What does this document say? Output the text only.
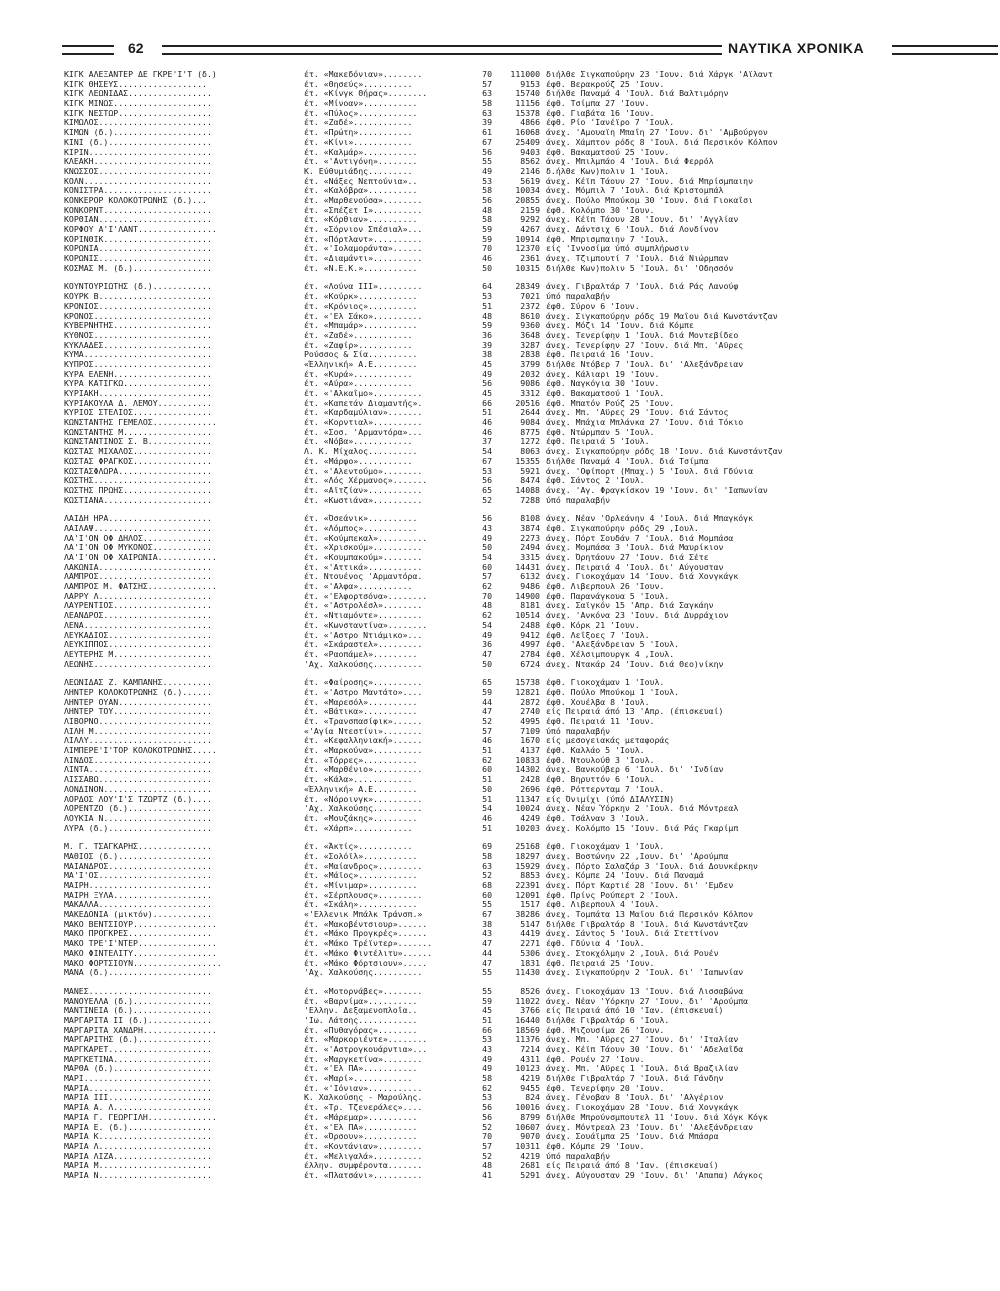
62	ΝΑΥΤΙΚΑ ΧΡΟΝΙΚΑ
ΚΙΓΚ ΑΛΕΞΑΝΤΕΡ ΔΕ ΓΚΡΕ'Ι'Τ (δ.)	έτ. «Μακεδόνιαν»........	70	111000 διήλθε Σιγκαπούρην 23 'Ιουν. διά Χάργκ 'Αϊλαντ
ΚΙΓΚ ΘΗΣΕΥΣ..................	έτ. «Θησεύς»..........	57	9153 έφθ. Βερακρούζ 25 'Ιουν.
ΚΙΓΚ ΛΕΩΝΙΔΑΣ.................	έτ. «Κίνγκ Θήρας»........	63	15740 διήλθε Παναμά 4 'Ιουλ. διά Βαλτιμόρην
ΚΙΓΚ ΜΙΝΩΣ....................	έτ. «Μίνοαν»...........	58	11156 έφθ. Τσίμπα 27 'Ιουν.
ΚΙΓΚ ΝΕΣΤΩΡ...................	έτ. «Πύλος»............	63	15378 έφθ. Γιαβάτα 16 'Ιουν.
ΚΙΜΩΛΟΣ.......................	έτ. «Ζαδέ»............	39	4866 έφθ. Ρίο 'Ιανέϊρο 7 'Ιουλ.
ΚΙΜΩΝ (δ.)....................	έτ. «Πρώτη»...........	61	16068 άνεχ. 'Αμουαϊη Μπαΐη 27 'Ιουν. δι' 'Αμβούργον
ΚΙΝΙ (δ.).....................	έτ. «Κίνι»............	67	25409 άνεχ. Χάμπτον ρόδς 8 'Ιουλ. διά Περσικόν Κόλπον
ΚΙΡΙΝ.........................	έτ. «Καλμάρ»...........	56	9403 έφθ. Βακαματσού 25 'Ιουν.
ΚΛΕΑΚΗ........................	έτ. «'Αντιγόνη»........	55	8562 άνεχ. Μπιλμπάο 4 'Ιουλ. διά Φερρόλ
ΚΝΩΣΣΟΣ.......................	Κ. Εύθυμιάδης.........	49	2146 δ.ήλθε Κων)πολιν 1 'Ιουλ.
ΚΟΛΝ..........................	έτ. «Νάξες Νεπτούνια»..	53	5619 άνεχ. Κέϊπ Τάουν 27 'Ιουν. διά Μπρίσμπαιην
ΚΟΝΙΣΤΡΑ......................	έτ. «Καλόβρα»..........	58	10034 άνεχ. Μόμπιλ 7 'Ιουλ. διά Κριστομπάλ
ΚΟΝΚΕΡΟΡ ΚΟΛΟΚΟΤΡΩΝΗΣ (δ.)...	έτ. «Μαρθενούσα»........	56	20855 άνεχ. Πούλο Μπούκομ 30 'Ιουν. διά Γιοκαΐσι
ΚΟΝΚΟΡΝΤ......................	έτ. «Σπέζετ Ι»..........	48	2159 έφθ. Κολόμπο 30 'Ιουν.
ΚΟΡΘΙΑΝ.......................	έτ. «Κόρθιαν»..........	58	9292 άνεχ. Κέϊπ Τάουν 28 'Ιουν. δι' 'Αγγλίαν
ΚΟΡΦΟΥ Α'Ι'ΛΑΝΤ................	έτ. «Σόρνιον Σπέσιαλ»...	59	4267 άνεχ. Δάντσιχ 6 'Ιουλ. διά Λονδίνον
ΚΟΡΙΝΘΙΚ......................	έτ. «Πόρτλαντ»..........	59	10914 έφθ. Μπρισμπαιην 7 'Ιουλ.
ΚΟΡΩΝΙΑ.......................	έτ. «'Ιολαμοράντα»......	70	12370 είς 'Ιννοσίμα ύπό συμπλήρωσιν
ΚΟΡΩΝΙΣ.......................	έτ. «Διαμάντι»..........	46	2361 άνεχ. Τζιμπουτί 7 'Ιουλ. διά Νιώρμπαν
ΚΟΣΜΑΣ Μ. (δ.)................	έτ. «Ν.Ε.Κ.»...........	50	10315 διήλθε Κων)πολιν 5 'Ιουλ. δι' 'Οδησσόν
ΚΟΥΝΤΟΥΡΙΩΤΗΣ (δ.)............	έτ. «Λούνα ΙΙΙ».........	64	28349 άνεχ. Γιβραλτάρ 7 'Ιουλ. διά Ράς Λανούφ
ΚΟΥΡΚ Β.......................	έτ. «Κούρκ»............	53	7021 ύπό παραλαβήν
ΚΡΟΝΙΟΣ.......................	έτ. «Κρόνιος»..........	51	2372 έφθ. Σύρον 6 'Ιουν.
ΚΡΟΝΟΣ........................	έτ. «'Ελ Σάκο»..........	48	8610 άνεχ. Σιγκαπούρην ρόδς 19 Μαΐου διά Κωνστάντζαν
ΚΥΒΕΡΝΗΤΗΣ....................	έτ. «Μπαμάρ»...........	59	9360 άνεχ. Μόζι 14 'Ιουν. διά Κόμπε
ΚΥΘΝΟΣ........................	έτ. «Ζαδέ»............	36	3648 άνεχ. Τενερίφην 1 'Ιουλ. διά Μοντεβίδεο
ΚΥΚΛΑΔΕΣ......................	έτ. «Ζαφίρ»...........	39	3287 άνεχ. Τενερίφην 27 'Ιουν. διά Μπ. 'Αϋρες
ΚΥΜΑ..........................	Ρούσσος & Σία..........	38	2838 έφθ. Πειραιά 16 'Ιουν.
ΚΥΠΡΟΣ........................	«Έλληνική» Α.Ε.........	45	3799 διήλθε Ντόβερ 7 'Ιουλ. δι' 'Αλεξάνδρειαν
ΚΥΡΑ ΕΛΕΝΗ....................	έτ. «Κυρά»............	49	2032 άνεχ. Κάλιαρι 19 'Ιουν.
ΚΥΡΑ ΚΑΤΙΓΚΩ..................	έτ. «Αύρα»............	56	9086 έφθ. Ναγκόγια 30 'Ιουν.
ΚΥΡΙΑΚΗ.......................	έτ. «'Αλκαΐμο»..........	45	3312 έφθ. Βακαματσού 1 'Ιουλ.
ΚΥΡΙΑΚΟΥΛΑ Δ. ΛΕΜΟΥ...........	έτ. «Καπετάν Διαμαντής».	66	20516 έφθ. Μπατόν Ρούζ 25 'Ιουν.
ΚΥΡΙΟΣ ΣΤΕΛΙΟΣ................	έτ. «Καρδαμύλιαν».......	51	2644 άνεχ. Μπ. 'Αϋρες 29 'Ιουν. διά Σάντος
ΚΩΝΣΤΑΝΤΗΣ ΓΕΜΕΛΟΣ.............	έτ. «Κορντιαλ»..........	46	9084 άνεχ. Μπάχια Μπλάνκα 27 'Ιουν. διά Τόκιο
ΚΩΝΣΤΑΝΤΗΣ Μ..................	έτ. «Σοσ. 'Αρμαντόρα»...	46	8775 έφθ. Ντώρμπαν 5 'Ιουλ.
ΚΩΝΣΤΑΝΤΙΝΟΣ Σ. Β.............	έτ. «Νόβα»............	37	1272 έφθ. Πειραιά 5 'Ιουλ.
ΚΩΣΤΑΣ ΜΙΧΑΛΟΣ................	Λ. Κ. Μίχαλος..........	54	8063 άνεχ. Σιγκαπούρην ρόδς 18 'Ιουν. διά Κωνστάντζαν
ΚΩΣΤΑΣ ΦΡΑΓΚΟΣ................	έτ. «Μάρφο»...........	67	15355 διήλθε Παναμά 4 'Ιουλ. διά Τσίμπα
ΚΩΣΤΑΣΦΛΩΡΑ...................	έτ. «'Αλεντούμο»........	53	5921 άνεχ. 'Οφίπορτ (Μπαχ.) 5 'Ιουλ. διά Γδύνια
ΚΩΣΤΗΣ........................	έτ. «Λός Χέρμανος».......	56	8474 έφθ. Σάντος 2 'Ιουλ.
ΚΩΣΤΗΣ ΠΡΩΗΣ..................	έτ. «Αϊτζίαν»...........	65	14088 άνεχ. 'Αγ. Φραγκίσκον 19 'Ιουν. δι' 'Ιαπωνίαν
ΚΩΣΤΙΑΝΑ......................	έτ. «Κωστιάνα»..........	52	7288 ύπό παραλαβήν
ΛΑΙΔΗ ΗΡΑ.....................	έτ. «Όσεάνικ»..........	56	8108 άνεχ. Νέαν 'Ορλεάνην 4 'Ιουλ. διά Μπαγκόγκ
ΛΑΙΛΑΨ........................	έτ. «Λόμπος»...........	43	3874 έφθ. Σιγκαπούρην ρόδς 29 ,Ιουλ.
ΛΑ'Ι'ΟΝ ΟΦ ΔΗΛΟΣ..............	έτ. «Κούμπεκαλ»..........	49	2273 άνεχ. Πόρτ Σουδάν 7 'Ιουλ. διά Μομπάσα
ΛΑ'Ι'ΟΝ ΟΦ ΜΥΚΟΝΟΣ............	έτ. «Χρισκούμ»..........	50	2494 άνεχ. Μομπάσα 3 'Ιουλ. διά Μαυρίκιον
ΛΑ'Ι'ΟΝ ΟΦ ΧΑΙΡΩΝΙΑ............	έτ. «Κουμπακούμ»........	54	3315 άνεχ. Όρητάουν 27 'Ιουν. διά Σέτε
ΛΑΚΩΝΙΑ.......................	έτ. «'Αττικά»...........	60	14431 άνεχ. Πειραιά 4 'Ιουλ. δι' Αύγουσταν
ΛΑΜΠΡΟΣ.......................	έτ. Ντουένος 'Αρμαντόρα.	57	6132 άνεχ. Γιοκοχάμαν 14 'Ιουν. διά Χονγκάγκ
ΛΑΜΠΡΟΣ Μ. ΦΑΤΣΗΣ..............	έτ. «'Αλφα»...........	62	9486 έφθ. Λιβερπουλ 26 'Ιουν.
ΛΑΡΡΥ Λ.......................	έτ. «'Ελφορτσόνα»........	70	14900 έφθ. Παρανάγκουα 5 'Ιουλ.
ΛΑΥΡΕΝΤΙΟΣ....................	έτ. «'Αστρολέσλ»........	48	8181 άνεχ. Σαϊγκόν 15 'Απρ. διά Σαγκάην
ΛΕΑΝΔΡΟΣ......................	έτ. «Ντιαμόντε».........	62	10514 άνεχ. 'Ανκόνα 23 'Ιουν. διά Δυρράχιον
ΛΕΝΑ..........................	έτ. «Κωνσταντίνα»........	54	2488 έφθ. Κόρκ 21 'Ιουν.
ΛΕΥΚΑΔΙΟΣ.....................	έτ. «'Αστρο Ντιάμικο»...	49	9412 έφθ. Λεΐξοες 7 'Ιουλ.
ΛΕΥΚΙΠΠΟΣ.....................	έτ. «Σκάραστελ».........	36	4997 έφθ. 'Αλεξάνδρειαν 5 'Ιουλ.
ΛΕΥΤΕΡΗΣ Μ....................	έτ. «Ραοπάμελ».........	47	2784 έφθ. Χέλσιμπουργκ 4 ,Ιουλ.
ΛΕΩΝΗΣ........................	'Αχ. Χαλκούσης..........	50	6724 άνεχ. Ντακάρ 24 'Ιουν. διά Θεο)νίκην
ΛΕΩΝΙΔΑΣ Ζ. ΚΑΜΠΑΝΗΣ..........	έτ. «Φαίροσης»..........	65	15738 έφθ. Γιοκοχάμαν 1 'Ιουλ.
ΛΗΝΤΕΡ ΚΟΛΟΚΟΤΡΩΝΗΣ (δ.)......	έτ. «'Αστρο Μαντάτο»....	59	12821 έφθ. Πούλο Μπούκομ 1 'Ιουλ.
ΛΗΝΤΕΡ ΟΥΑΝ...................	έτ. «Μαρεσόλ»..........	44	2872 έφθ. Χουέλβα 8 'Ιουλ.
ΛΗΝΤΕΡ ΤΟΥ....................	έτ. «Βάτικα»...........	47	2740 είς Πειραιά άπό 13 'Απρ. (έπισκευαί)
ΛΙΒΟΡΝΟ.......................	έτ. «Τρανσπασίφικ»......	52	4995 έφθ. Πειραιά 11 'Ιουν.
ΛΙΛΗ Μ........................	«'Αγία Ντεστίνι»........	57	7109 ύπό παραλαβήν
ΛΙΛΛΥ.........................	έτ. «Κεφαλληνιακή»......	46	1670 είς μεσογειακάς μεταφοράς
ΛΙΜΠΕΡΕ'Ι'ΤΟΡ ΚΟΛΟΚΟΤΡΩΝΗΣ.....	έτ. «Μαρκούνα»..........	51	4137 έφθ. Καλλάο 5 'Ιουλ.
ΛΙΝΔΟΣ........................	έτ. «Τόρρες»...........	62	10833 έφθ. Ντουλούθ 3 'Ιουλ.
ΛΙΝΤΑ.........................	έτ. «Μαρθένιο»..........	60	14302 άνεχ. Βανκούβερ 6 'Ιουλ. δι' 'Ινδίαν
ΛΙΣΣΑΒΩ.......................	έτ. «Κάλα»............	51	2428 έφθ. Βηρυττόν 6 'Ιουλ.
ΛΟΝΔΙΝΟΝ......................	«Έλληνική» Α.Ε.........	50	2696 έφθ. Ρόττερνταμ 7 'Ιουλ.
ΛΟΡΔΟΣ ΛΟΥ'Ι'Σ ΤΖΩΡΤΖ (δ.)....	έτ. «Νόροινγκ»..........	51	11347 είς Όνιμίχι (ύπό ΔΙΑΛΥΣΙΝ)
ΛΟΡΕΝΤΖΟ (δ.).................	'Αχ. Χαλκούσης..........	54	10024 άνεχ. Νέαν Ύόρκην 2 'Ιουλ. διά Μόντρεαλ
ΛΟΥΚΙΑ Ν......................	έτ. «Μουζάκης».........	46	4249 έφθ. Τσάλναν 3 'Ιουλ.
ΛΥΡΑ (δ.).....................	έτ. «Χάρπ»............	51	10203 άνεχ. Κολόμπο 15 'Ιουν. διά Ράς Γκαρίμπ
Μ. Γ. ΤΣΑΓΚΑΡΗΣ...............	έτ. «Άκτίς»...........	69	25168 έφθ. Γιοκοχάμαν 1 'Ιουλ.
ΜΑΘΙΟΣ (δ.)...................	έτ. «Σολόϊλ»...........	58	18297 άνεχ. Βοστώνην 22 ,Ιουν. δι' 'Αρούμπα
ΜΑΙΑΝΔΡΟΣ.....................	έτ. «Μαίανδρος».........	63	15929 άνεχ. Πόρτο Σαλαζάρ 3 'Ιουλ. διά Δουνκέρκην
ΜΑ'Ι'ΟΣ.......................	έτ. «Μάϊος»............	52	8853 άνεχ. Κόμπε 24 'Ιουν. διά Παναμά
ΜΑΙΡΗ.........................	έτ. «Μίνιμαρ»..........	68	22391 άνεχ. Πόρτ Καρτιέ 28 'Ιουν. δι' 'Εμδεν
ΜΑΙΡΗ ΞΥΛΑ....................	έτ. «Σέρπλουσς».........	60	12091 έφθ. Πρίνς Ρούπερτ 2 'Ιουλ.
ΜΑΚΑΛΛΑ.......................	έτ. «Σκάλη»............	55	1517 έφθ. Λιβερπουλ 4 'Ιουλ.
ΜΑΚΕΔΟΝΙΑ (μικτόν)............	«'Ελλενικ Μπάλκ Τράνσπ.»	67	38286 άνεχ. Τομπάτα 13 Μαΐου διά Περσικόν Κόλπον
ΜΑΚΟ ΒΕΝΤΣΙΟΥΡ.................	έτ. «Μακοβέντσιουρ»......	38	5147 διήλθε Γιβραλτάρ 8 'Ιουλ. διά Κωνστάντζαν
ΜΑΚΟ ΠΡΟΓΚΡΕΣ.................	έτ. «Μάκο Προγκρές»......	43	4419 άνεχ. Σάντος 5 'Ιουλ. διά Στεττίνον
ΜΑΚΟ ΤΡΕ'Ι'ΝΤΕΡ................	έτ. «Μάκο Τρέϊντερ».......	47	2271 έφθ. Γδύνια 4 'Ιουλ.
ΜΑΚΟ ΦΙΝΤΕΛΙΤΥ.................	έτ. «Μάκο Φιντέλιτυ»......	44	5306 άνεχ. Στοκχόλμην 2 ,Ιουλ. διά Ρουέν
ΜΑΚΟ ΦΟΡΤΣΙΟΥΝ..................	έτ. «Μάκο Φόρτσιουν».....	47	1831 έφθ. Πειραιά 25 'Ιουν.
ΜΑΝΑ (δ.).....................	'Αχ. Χαλκούσης..........	55	11430 άνεχ. Σιγκαπούρην 2 'Ιουλ. δι' 'Ιαπωνίαν
ΜΑΝΕΣ.........................	έτ. «Μοτορνάβες»........	55	8526 άνεχ. Γιοκοχάμαν 13 'Ιουν. διά Λισσαβώνα
ΜΑΝΟΥΕΛΛΑ (δ.)................	έτ. «Βαρνίμα»..........	59	11022 άνεχ. Νέαν 'Υόρκην 27 'Ιουν. δι' 'Αρούμπα
ΜΑΝΤΙΝΕΙΑ (δ.)................	'Ελλην. Δεξαμενοπλοΐα..	45	3766 είς Πειραιά άπό 10 'Ιαν. (έπισκευαί)
ΜΑΡΓΑΡΙΤΑ ΙΙ (δ.).............	'Ιω. Λάτσης............	51	16440 διήλθε Γιβραλτάρ 6 'Ιουλ.
ΜΑΡΓΑΡΙΤΑ ΧΑΝΔΡΗ...............	έτ. «Πυθαγόρας»........	66	18569 έφθ. Μιζουσίμα 26 'Ιουν.
ΜΑΡΓΑΡΙΤΗΣ (δ.)...............	έτ. «Μαρκοριέντε»........	53	11376 άνεχ. Μπ. 'Αϋρες 27 'Ιουν. δι' 'Ιταλίαν
ΜΑΡΓΚΑΡΕΤ.....................	έτ. «'Αστρογκουάρντια»...	43	7214 άνεχ. Κέϊπ Τάουν 30 'Ιουν. δι' 'Αδελαΐδα
ΜΑΡΓΚΕΤΙΝΑ....................	έτ. «Μαργκετίνα»........	49	4311 έφθ. Ρουέν 27 'Ιουν.
ΜΑΡΘΑ (δ.)....................	έτ. «'Ελ ΠΑ»...........	49	10123 άνεχ. Μπ. 'Αϋρες 1 'Ιουλ. διά Βραζιλίαν
ΜΑΡΙ..........................	έτ. «Μαρί»............	58	4219 διήλθε Γιβραλτάρ 7 'Ιουλ. διά Γάνδην
ΜΑΡΙΑ.........................	έτ. «'Ιόνιαν»...........	62	9455 έφθ. Τενερίφην 20 'Ιουν.
ΜΑΡΙΑ ΙΙΙ.....................	Κ. Χαλκούσης - Μαρούλης.	53	824 άνεχ. Γένοβαν 8 'Ιουλ. δι' 'Αλγέριον
ΜΑΡΙΑ Α. Λ....................	έτ. «Τρ. Τζενεράλες»....	56	10016 άνεχ. Γιοκοχάμαν 28 'Ιουν. διά Χονγκάγκ
ΜΑΡΙΑ Γ. ΓΕΩΡΓΙΛΗ..............	έτ. «Μάρεμαρ»..........	56	8799 διήλθε Μπρούνσμπουτελ 11 'Ιουν. διά Χόγκ Κόγκ
ΜΑΡΙΑ Ε. (δ.).................	έτ. «'Ελ ΠΑ»...........	52	10607 άνεχ. Μόντρεαλ 23 'Ιουν. δι' 'Αλεξάνδρειαν
ΜΑΡΙΑ Κ.......................	έτ. «Όρσουν»...........	70	9070 άνεχ. Σουάϊμπα 25 'Ιουν. διά Μπάσρα
ΜΑΡΙΑ Λ.......................	έτ. «Κοντάνιαν».........	57	10311 έφθ. Κόμπε 29 'Ιουν.
ΜΑΡΙΑ ΛΙΖΑ....................	έτ. «Μελιγαλά»..........	52	4219 ύπό παραλαβήν
ΜΑΡΙΑ Μ.......................	έλλην. συμφέροντα.......	48	2681 είς Πειραιά άπό 8 'Ιαν. (έπισκευαί)
ΜΑΡΙΑ Ν.......................	έτ. «Πλατσάνι»..........	41	5291 άνεχ. Αύγουσταν 29 'Ιουν. δι' 'Απαπα) Λάγκος
